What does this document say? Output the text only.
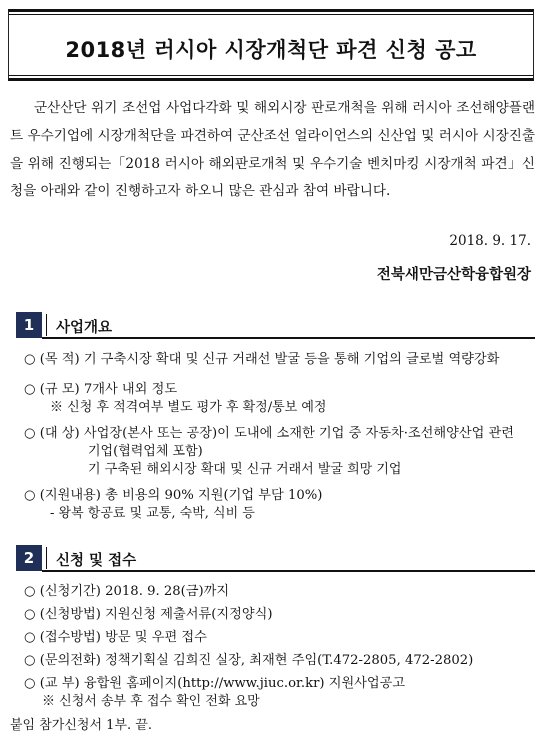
2018년 러시아 시장개척단 파견 신청 공고
군산산단 위기 조선업 사업다각화 및 해외시장 판로개척을 위해 러시아 조선해양플랜트 우수기업에 시장개척단을 파견하여 군산조선 얼라이언스의 신산업 및 러시아 시장진출을 위해 진행되는「2018 러시아 해외판로개척 및 우수기술 벤치마킹 시장개척 파견」신청을 아래와 같이 진행하고자 하오니 많은 관심과 참여 바랍니다.
2018. 9. 17.
전북새만금산학융합원장
1	사업개요
○ (목 적) 기 구축시장 확대 및 신규 거래선 발굴 등을 통해 기업의 글로벌 역량강화
○ (규 모) 7개사 내외 정도
※ 신청 후 적격여부 별도 평가 후 확정/통보 예정
○ (대 상) 사업장(본사 또는 공장)이 도내에 소재한 기업 중 자동차·조선해양산업 관련
기업(협력업체 포함)
기 구축된 해외시장 확대 및 신규 거래서 발굴 희망 기업
○ (지원내용) 총 비용의 90% 지원(기업 부담 10%)
- 왕복 항공료 및 교통, 숙박, 식비 등
2	신청 및 접수
○ (신청기간) 2018. 9. 28(금)까지
○ (신청방법) 지원신청 제출서류(지정양식)
○ (접수방법) 방문 및 우편 접수
○ (문의전화) 정책기획실 김희진 실장, 최재현 주임(T.472-2805, 472-2802)
○ (교 부) 융합원 홈페이지(http://www.jiuc.or.kr) 지원사업공고
※ 신청서 송부 후 접수 확인 전화 요망
붙임 참가신청서 1부. 끝.
